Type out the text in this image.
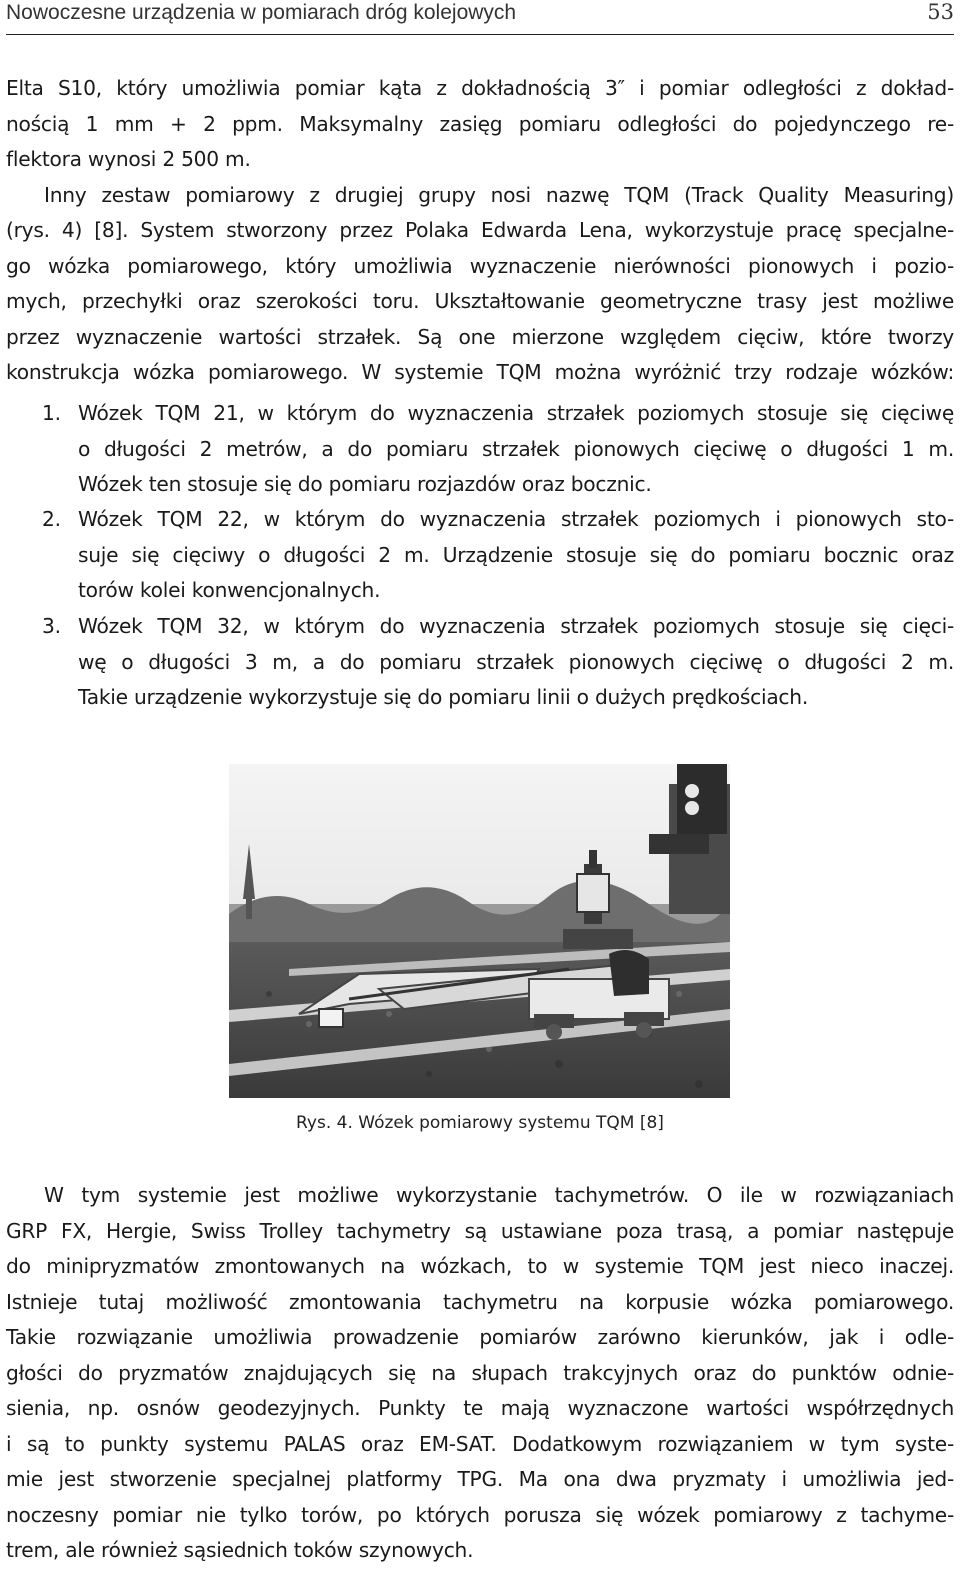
Nowoczesne urządzenia w pomiarach dróg kolejowych	53
Elta S10, który umożliwia pomiar kąta z dokładnością 3″ i pomiar odległości z dokład-
nością 1 mm + 2 ppm. Maksymalny zasięg pomiaru odległości do pojedynczego re-
flektora wynosi 2 500 m.
Inny zestaw pomiarowy z drugiej grupy nosi nazwę TQM (Track Quality Measuring)
(rys. 4) [8]. System stworzony przez Polaka Edwarda Lena, wykorzystuje pracę specjalne-
go wózka pomiarowego, który umożliwia wyznaczenie nierówności pionowych i pozio-
mych, przechyłki oraz szerokości toru. Ukształtowanie geometryczne trasy jest możliwe
przez wyznaczenie wartości strzałek. Są one mierzone względem cięciw, które tworzy
konstrukcja wózka pomiarowego. W systemie TQM można wyróżnić trzy rodzaje wózków:
1. Wózek TQM 21, w którym do wyznaczenia strzałek poziomych stosuje się cięciwę
o długości 2 metrów, a do pomiaru strzałek pionowych cięciwę o długości 1 m.
Wózek ten stosuje się do pomiaru rozjazdów oraz bocznic.
2. Wózek TQM 22, w którym do wyznaczenia strzałek poziomych i pionowych sto-
suje się cięciwy o długości 2 m. Urządzenie stosuje się do pomiaru bocznic oraz
torów kolei konwencjonalnych.
3. Wózek TQM 32, w którym do wyznaczenia strzałek poziomych stosuje się cięci-
wę o długości 3 m, a do pomiaru strzałek pionowych cięciwę o długości 2 m.
Takie urządzenie wykorzystuje się do pomiaru linii o dużych prędkościach.
Rys. 4. Wózek pomiarowy systemu TQM [8]
W tym systemie jest możliwe wykorzystanie tachymetrów. O ile w rozwiązaniach
GRP FX, Hergie, Swiss Trolley tachymetry są ustawiane poza trasą, a pomiar następuje
do minipryzmatów zmontowanych na wózkach, to w systemie TQM jest nieco inaczej.
Istnieje tutaj możliwość zmontowania tachymetru na korpusie wózka pomiarowego.
Takie rozwiązanie umożliwia prowadzenie pomiarów zarówno kierunków, jak i odle-
głości do pryzmatów znajdujących się na słupach trakcyjnych oraz do punktów odnie-
sienia, np. osnów geodezyjnych. Punkty te mają wyznaczone wartości współrzędnych
i są to punkty systemu PALAS oraz EM-SAT. Dodatkowym rozwiązaniem w tym syste-
mie jest stworzenie specjalnej platformy TPG. Ma ona dwa pryzmaty i umożliwia jed-
noczesny pomiar nie tylko torów, po których porusza się wózek pomiarowy z tachyme-
trem, ale również sąsiednich toków szynowych.
